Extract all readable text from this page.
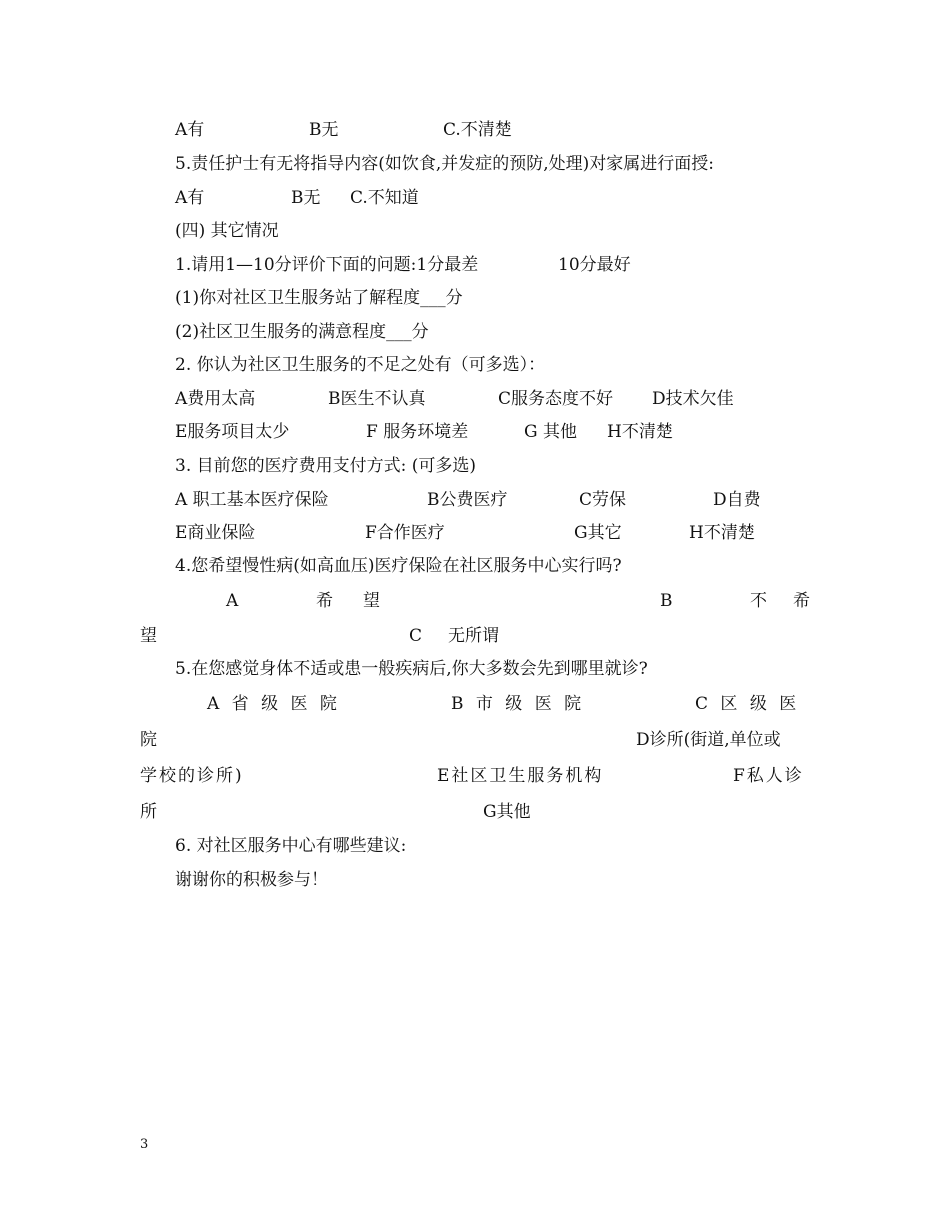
A有	B无	C.不清楚
5.责任护士有无将指导内容(如饮食,并发症的预防,处理)对家属进行面授:
A有	B无 C.不知道
(四) 其它情况
1.请用1—10分评价下面的问题:1分最差	10分最好
(1)你对社区卫生服务站了解程度___分
(2)社区卫生服务的满意程度___分
2. 你认为社区卫生服务的不足之处有（可多选）：
A费用太高	B医生不认真	C服务态度不好 D技术欠佳
E服务项目太少	F 服务环境差	G 其他 H不清楚
3. 目前您的医疗费用支付方式: (可多选)
A 职工基本医疗保险	B公费医疗	C劳保	D自费
E商业保险	F合作医疗	G其它	H不清楚
4.您希望慢性病(如高血压)医疗保险在社区服务中心实行吗?
A	希 望	B	不 希
望	C 无所谓
5.在您感觉身体不适或患一般疾病后,你大多数会先到哪里就诊?
A 省 级 医 院	B 市 级 医 院	C 区 级 医
院	D诊所(街道,单位或
学校的诊所)	E社区卫生服务机构	F私人诊
所	G其他
6. 对社区服务中心有哪些建议:
谢谢你的积极参与！
3
